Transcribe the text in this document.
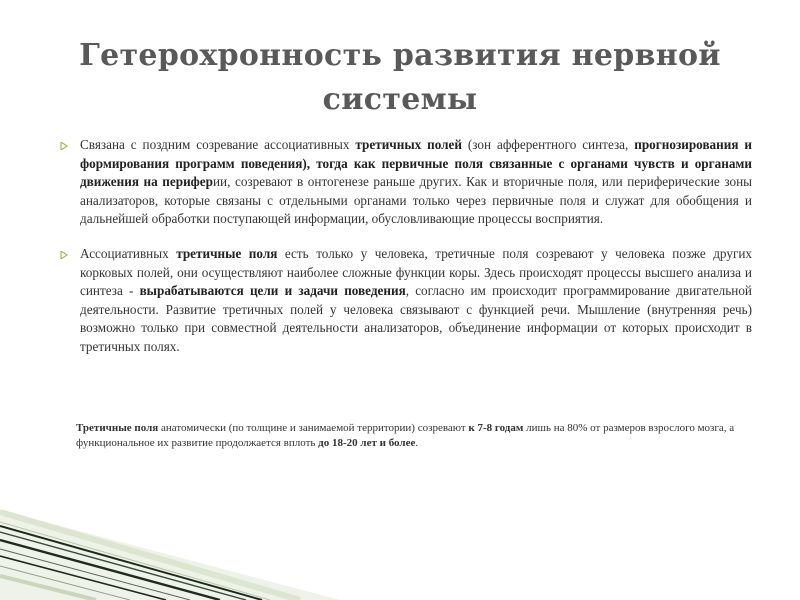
Гетерохронность развития нервной системы
Связана с поздним созревание ассоциативных третичных полей (зон афферентного синтеза, прогнозирования и формирования программ поведения), тогда как первичные поля связанные с органами чувств и органами движения на периферии, созревают в онтогенезе раньше других. Как и вторичные поля, или периферические зоны анализаторов, которые связаны с отдельными органами только через первичные поля и служат для обобщения и дальнейшей обработки поступающей информации, обусловливающие процессы восприятия.
Ассоциативных третичные поля есть только у человека, третичные поля созревают у человека позже других корковых полей, они осуществляют наиболее сложные функции коры. Здесь происходят процессы высшего анализа и синтеза - вырабатываются цели и задачи поведения, согласно им происходит программирование двигательной деятельности. Развитие третичных полей у человека связывают с функцией речи. Мышление (внутренняя речь) возможно только при совместной деятельности анализаторов, объединение информации от которых происходит в третичных полях.
Третичные поля анатомически (по толщине и занимаемой территории) созревают к 7-8 годам лишь на 80% от размеров взрослого мозга, а функциональное их развитие продолжается вплоть до 18-20 лет и более.
